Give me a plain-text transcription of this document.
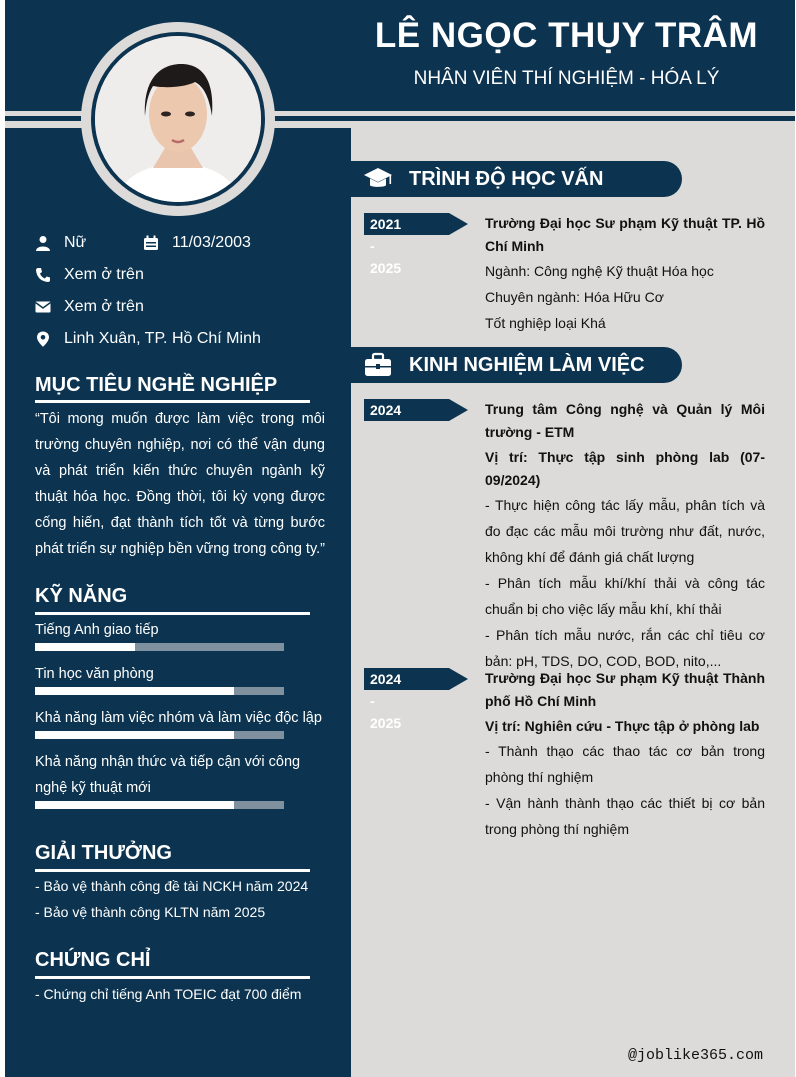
LÊ NGỌC THỤY TRÂM
NHÂN VIÊN THÍ NGHIỆM - HÓA LÝ
Nữ	11/03/2003
Xem ở trên
Xem ở trên
Linh Xuân, TP. Hồ Chí Minh
MỤC TIÊU NGHỀ NGHIỆP
“Tôi mong muốn được làm việc trong môi trường chuyên nghiệp, nơi có thể vận dụng và phát triển kiến thức chuyên ngành kỹ thuật hóa học. Đồng thời, tôi kỳ vọng được cống hiến, đạt thành tích tốt và từng bước phát triển sự nghiệp bền vững trong công ty.”
KỸ NĂNG
Tiếng Anh giao tiếp
Tin học văn phòng
Khả năng làm việc nhóm và làm việc độc lập
Khả năng nhận thức và tiếp cận với công nghệ kỹ thuật mới
GIẢI THƯỞNG
- Bảo vệ thành công đề tài NCKH năm 2024
- Bảo vệ thành công KLTN năm 2025
CHỨNG CHỈ
- Chứng chỉ tiếng Anh TOEIC đạt 700 điểm
TRÌNH ĐỘ HỌC VẤN
2021 - 2025
Trường Đại học Sư phạm Kỹ thuật TP. Hồ Chí Minh
Ngành: Công nghệ Kỹ thuật Hóa học
Chuyên ngành: Hóa Hữu Cơ
Tốt nghiệp loại Khá
KINH NGHIỆM LÀM VIỆC
2024	Trung tâm Công nghệ và Quản lý Môi trường - ETM
Vị trí: Thực tập sinh phòng lab (07-09/2024)
- Thực hiện công tác lấy mẫu, phân tích và đo đạc các mẫu môi trường như đất, nước, không khí để đánh giá chất lượng
- Phân tích mẫu khí/khí thải và công tác chuẩn bị cho việc lấy mẫu khí, khí thải
- Phân tích mẫu nước, rắn các chỉ tiêu cơ bản: pH, TDS, DO, COD, BOD, nito,...
2024 - 2025
Trường Đại học Sư phạm Kỹ thuật Thành phố Hồ Chí Minh
Vị trí: Nghiên cứu - Thực tập ở phòng lab
- Thành thạo các thao tác cơ bản trong phòng thí nghiệm
- Vận hành thành thạo các thiết bị cơ bản trong phòng thí nghiệm
@joblike365.com
